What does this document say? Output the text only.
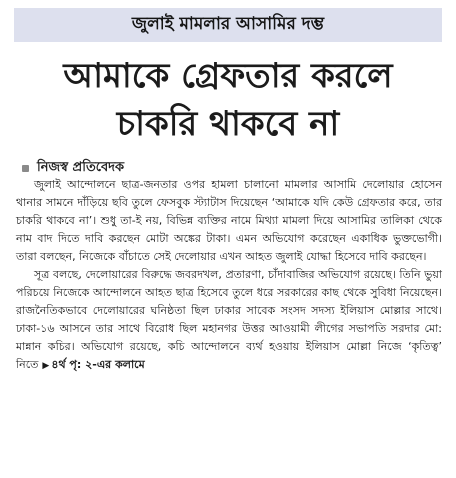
জুলাই মামলার আসামির দম্ভ
আমাকে গ্রেফতার করলে
চাকরি থাকবে না
নিজস্ব প্রতিবেদক

জুলাই আন্দোলনে ছাত্র-জনতার ওপর হামলা চালানো মামলার আসামি দেলোয়ার হোসেন থানার সামনে দাঁড়িয়ে ছবি তুলে ফেসবুক স্ট্যাটাস দিয়েছেন ‘আমাকে যদি কেউ গ্রেফতার করে, তার চাকরি থাকবে না’। শুধু তা-ই নয়, বিভিন্ন ব্যক্তির নামে মিথ্যা মামলা দিয়ে আসামির তালিকা থেকে নাম বাদ দিতে দাবি করছেন মোটা অঙ্কের টাকা। এমন অভিযোগ করেছেন একাধিক ভুক্তভোগী। তারা বলছেন, নিজেকে বাঁচাতে সেই দেলোয়ার এখন আহত জুলাই যোদ্ধা হিসেবে দাবি করছেন।

সূত্র বলছে, দেলোয়ারের বিরুদ্ধে জবরদখল, প্রতারণা, চাঁদাবাজির অভিযোগ রয়েছে। তিনি ভুয়া পরিচয়ে নিজেকে আন্দোলনে আহত ছাত্র হিসেবে তুলে ধরে সরকারের কাছ থেকে সুবিধা নিয়েছেন। রাজনৈতিকভাবে দেলোয়ারের ঘনিষ্ঠতা ছিল ঢাকার সাবেক সংসদ সদস্য ইলিয়াস মোল্লার সাথে। ঢাকা-১৬ আসনে তার সাথে বিরোধ ছিল মহানগর উত্তর আওয়ামী লীগের সভাপতি সরদার মো: মান্নান কচির। অভিযোগ রয়েছে, কচি আন্দোলনে ব্যর্থ হওয়ায় ইলিয়াস মোল্লা নিজে ‘কৃতিত্ব’ নিতে ▶ ৪র্থ পৃ: ২-এর কলামে
